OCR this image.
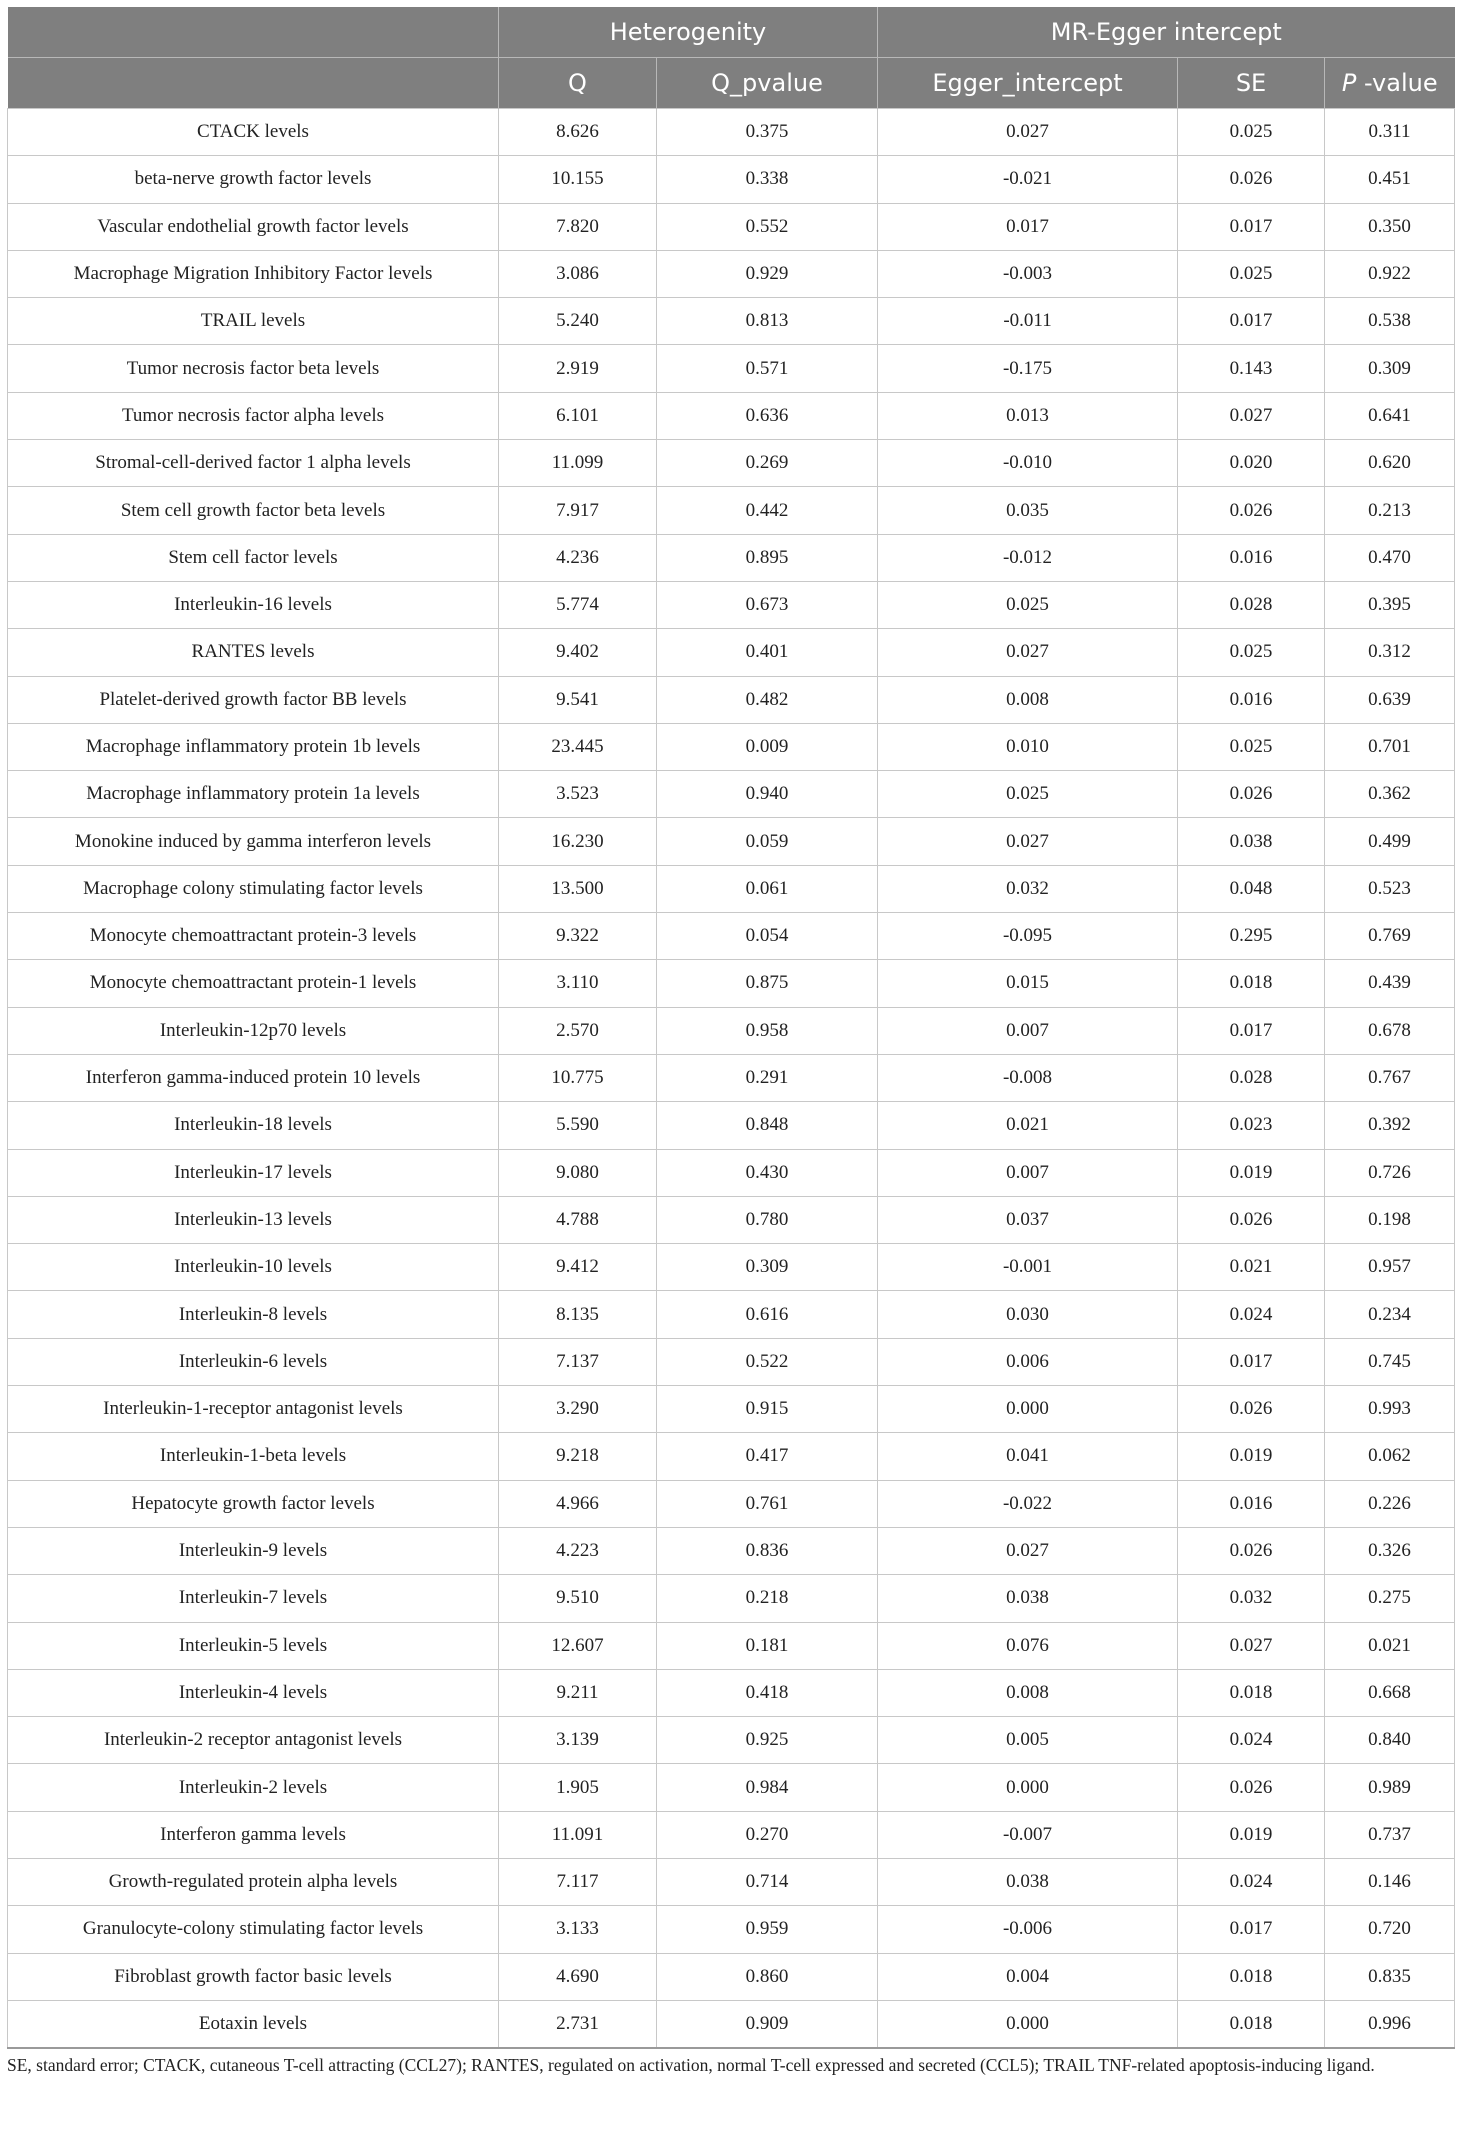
	Heterogenity		MR-Egger intercept		
	Q	Q_pvalue	Egger_intercept	SE	P -value
CTACK levels	8.626	0.375	0.027	0.025	0.311
beta-nerve growth factor levels	10.155	0.338	-0.021	0.026	0.451
Vascular endothelial growth factor levels	7.820	0.552	0.017	0.017	0.350
Macrophage Migration Inhibitory Factor levels	3.086	0.929	-0.003	0.025	0.922
TRAIL levels	5.240	0.813	-0.011	0.017	0.538
Tumor necrosis factor beta levels	2.919	0.571	-0.175	0.143	0.309
Tumor necrosis factor alpha levels	6.101	0.636	0.013	0.027	0.641
Stromal-cell-derived factor 1 alpha levels	11.099	0.269	-0.010	0.020	0.620
Stem cell growth factor beta levels	7.917	0.442	0.035	0.026	0.213
Stem cell factor levels	4.236	0.895	-0.012	0.016	0.470
Interleukin-16 levels	5.774	0.673	0.025	0.028	0.395
RANTES levels	9.402	0.401	0.027	0.025	0.312
Platelet-derived growth factor BB levels	9.541	0.482	0.008	0.016	0.639
Macrophage inflammatory protein 1b levels	23.445	0.009	0.010	0.025	0.701
Macrophage inflammatory protein 1a levels	3.523	0.940	0.025	0.026	0.362
Monokine induced by gamma interferon levels	16.230	0.059	0.027	0.038	0.499
Macrophage colony stimulating factor levels	13.500	0.061	0.032	0.048	0.523
Monocyte chemoattractant protein-3 levels	9.322	0.054	-0.095	0.295	0.769
Monocyte chemoattractant protein-1 levels	3.110	0.875	0.015	0.018	0.439
Interleukin-12p70 levels	2.570	0.958	0.007	0.017	0.678
Interferon gamma-induced protein 10 levels	10.775	0.291	-0.008	0.028	0.767
Interleukin-18 levels	5.590	0.848	0.021	0.023	0.392
Interleukin-17 levels	9.080	0.430	0.007	0.019	0.726
Interleukin-13 levels	4.788	0.780	0.037	0.026	0.198
Interleukin-10 levels	9.412	0.309	-0.001	0.021	0.957
Interleukin-8 levels	8.135	0.616	0.030	0.024	0.234
Interleukin-6 levels	7.137	0.522	0.006	0.017	0.745
Interleukin-1-receptor antagonist levels	3.290	0.915	0.000	0.026	0.993
Interleukin-1-beta levels	9.218	0.417	0.041	0.019	0.062
Hepatocyte growth factor levels	4.966	0.761	-0.022	0.016	0.226
Interleukin-9 levels	4.223	0.836	0.027	0.026	0.326
Interleukin-7 levels	9.510	0.218	0.038	0.032	0.275
Interleukin-5 levels	12.607	0.181	0.076	0.027	0.021
Interleukin-4 levels	9.211	0.418	0.008	0.018	0.668
Interleukin-2 receptor antagonist levels	3.139	0.925	0.005	0.024	0.840
Interleukin-2 levels	1.905	0.984	0.000	0.026	0.989
Interferon gamma levels	11.091	0.270	-0.007	0.019	0.737
Growth-regulated protein alpha levels	7.117	0.714	0.038	0.024	0.146
Granulocyte-colony stimulating factor levels	3.133	0.959	-0.006	0.017	0.720
Fibroblast growth factor basic levels	4.690	0.860	0.004	0.018	0.835
Eotaxin levels	2.731	0.909	0.000	0.018	0.996
SE, standard error; CTACK, cutaneous T-cell attracting (CCL27); RANTES, regulated on activation, normal T-cell expressed and secreted (CCL5); TRAIL TNF-related apoptosis-inducing ligand.
